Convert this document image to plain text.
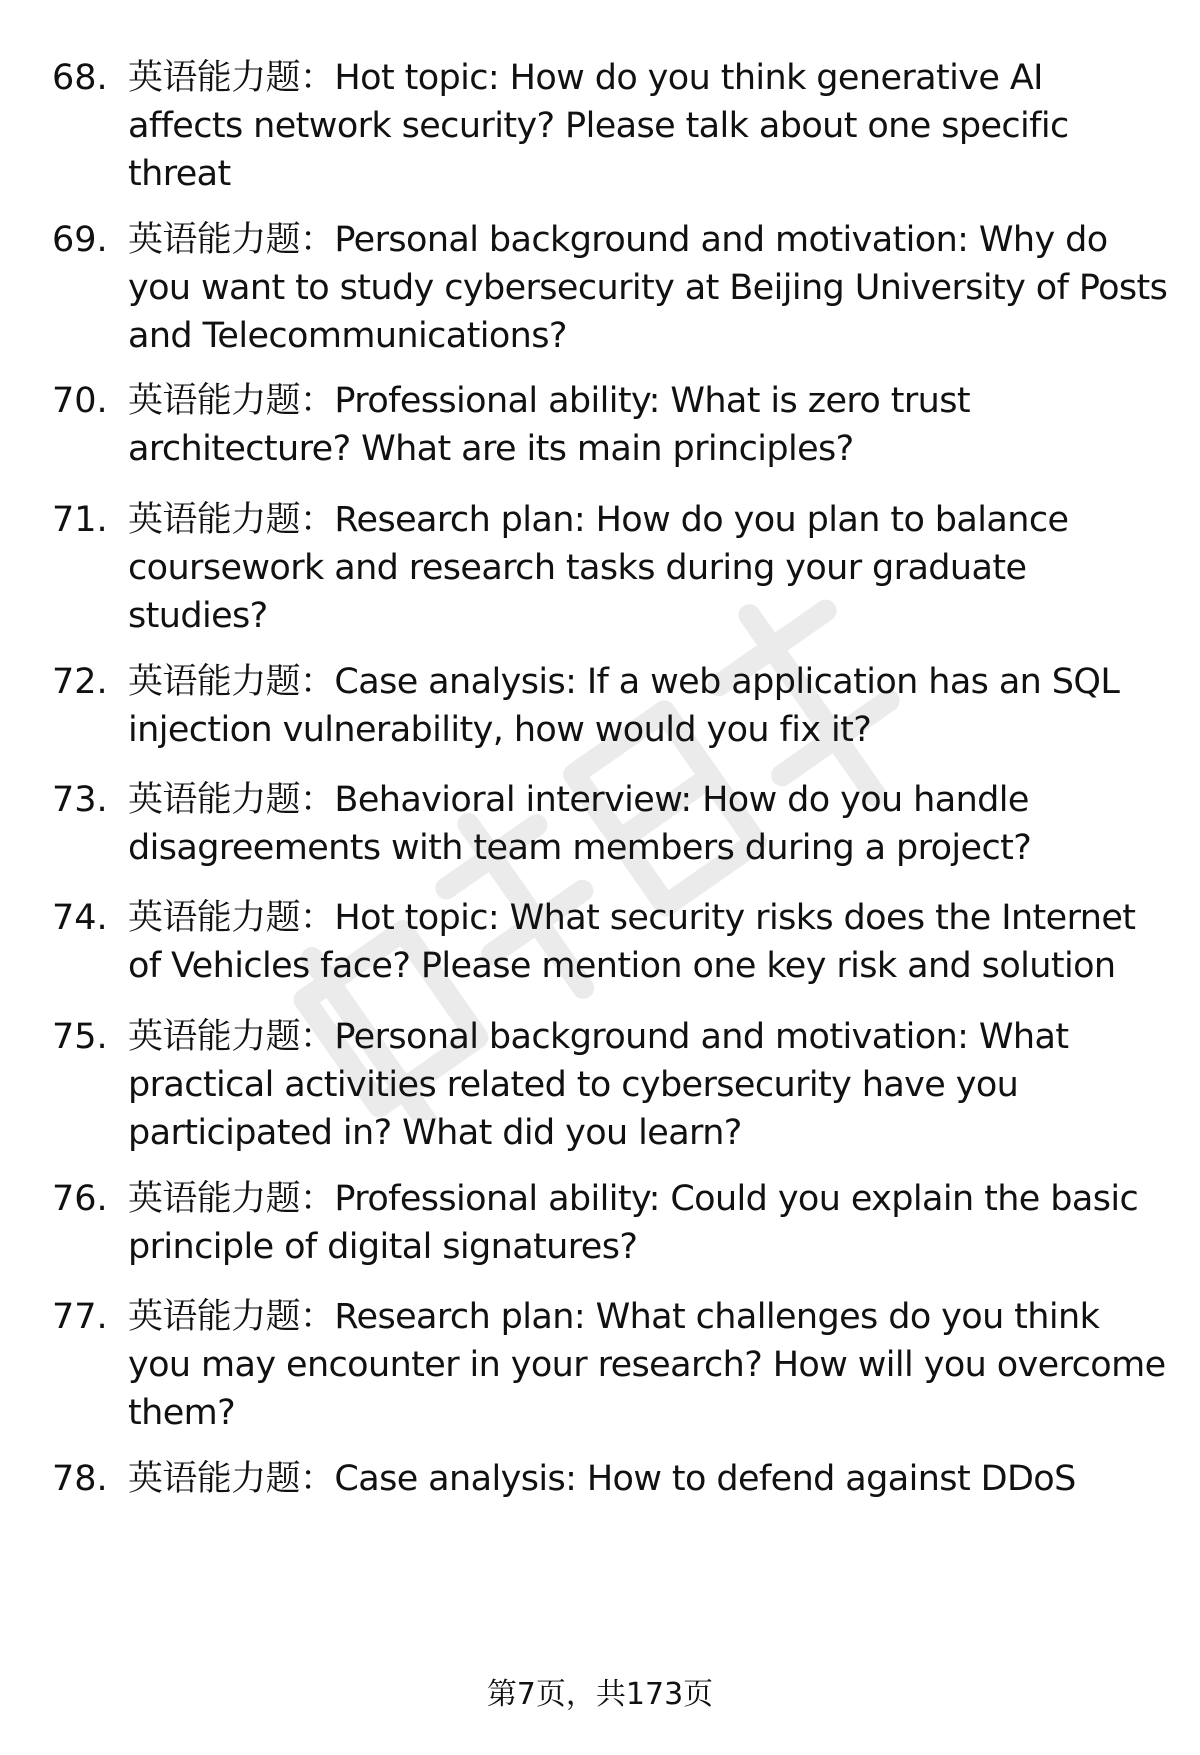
68. 英语能力题：Hot topic: How do you think generative AI affects network security? Please talk about one specific threat
69. 英语能力题：Personal background and motivation: Why do you want to study cybersecurity at Beijing University of Posts and Telecommunications?
70. 英语能力题：Professional ability: What is zero trust architecture? What are its main principles?
71. 英语能力题：Research plan: How do you plan to balance coursework and research tasks during your graduate studies?
72. 英语能力题：Case analysis: If a web application has an SQL injection vulnerability, how would you fix it?
73. 英语能力题：Behavioral interview: How do you handle disagreements with team members during a project?
74. 英语能力题：Hot topic: What security risks does the Internet of Vehicles face? Please mention one key risk and solution
75. 英语能力题：Personal background and motivation: What practical activities related to cybersecurity have you participated in? What did you learn?
76. 英语能力题：Professional ability: Could you explain the basic principle of digital signatures?
77. 英语能力题：Research plan: What challenges do you think you may encounter in your research? How will you overcome them?
78. 英语能力题：Case analysis: How to defend against DDoS
第7页，共173页
